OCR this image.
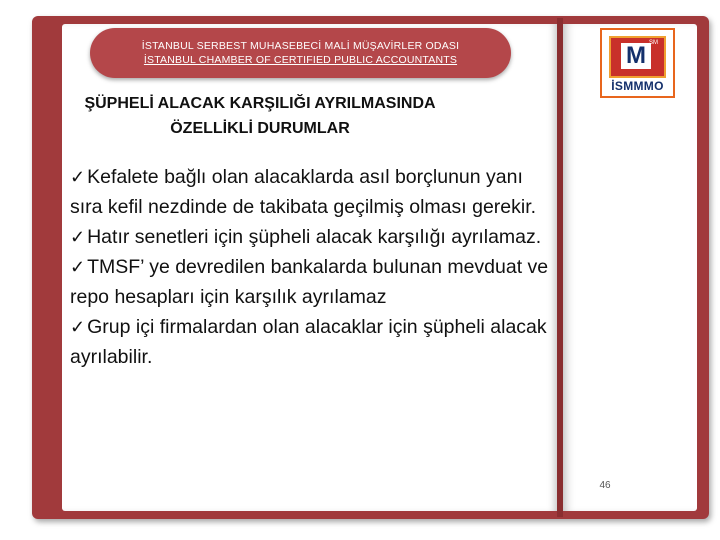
İSTANBUL SERBEST MUHASEBECİ MALİ MÜŞAVİRLER ODASI
İSTANBUL CHAMBER OF CERTIFIED PUBLIC ACCOUNTANTS
ŞÜPHELİ ALACAK KARŞILIĞI AYRILMASINDA
ÖZELLİKLİ DURUMLAR
✓ Kefalete bağlı olan alacaklarda asıl borçlunun yanı sıra kefil nezdinde de takibata geçilmiş olması gerekir.
✓ Hatır senetleri için şüpheli alacak karşılığı ayrılamaz.
✓ TMSF’ ye devredilen bankalarda bulunan mevduat ve repo hesapları için karşılık ayrılamaz
✓ Grup içi firmalardan olan alacaklar için şüpheli alacak ayrılabilir.
M SM
İSMMMO
46
